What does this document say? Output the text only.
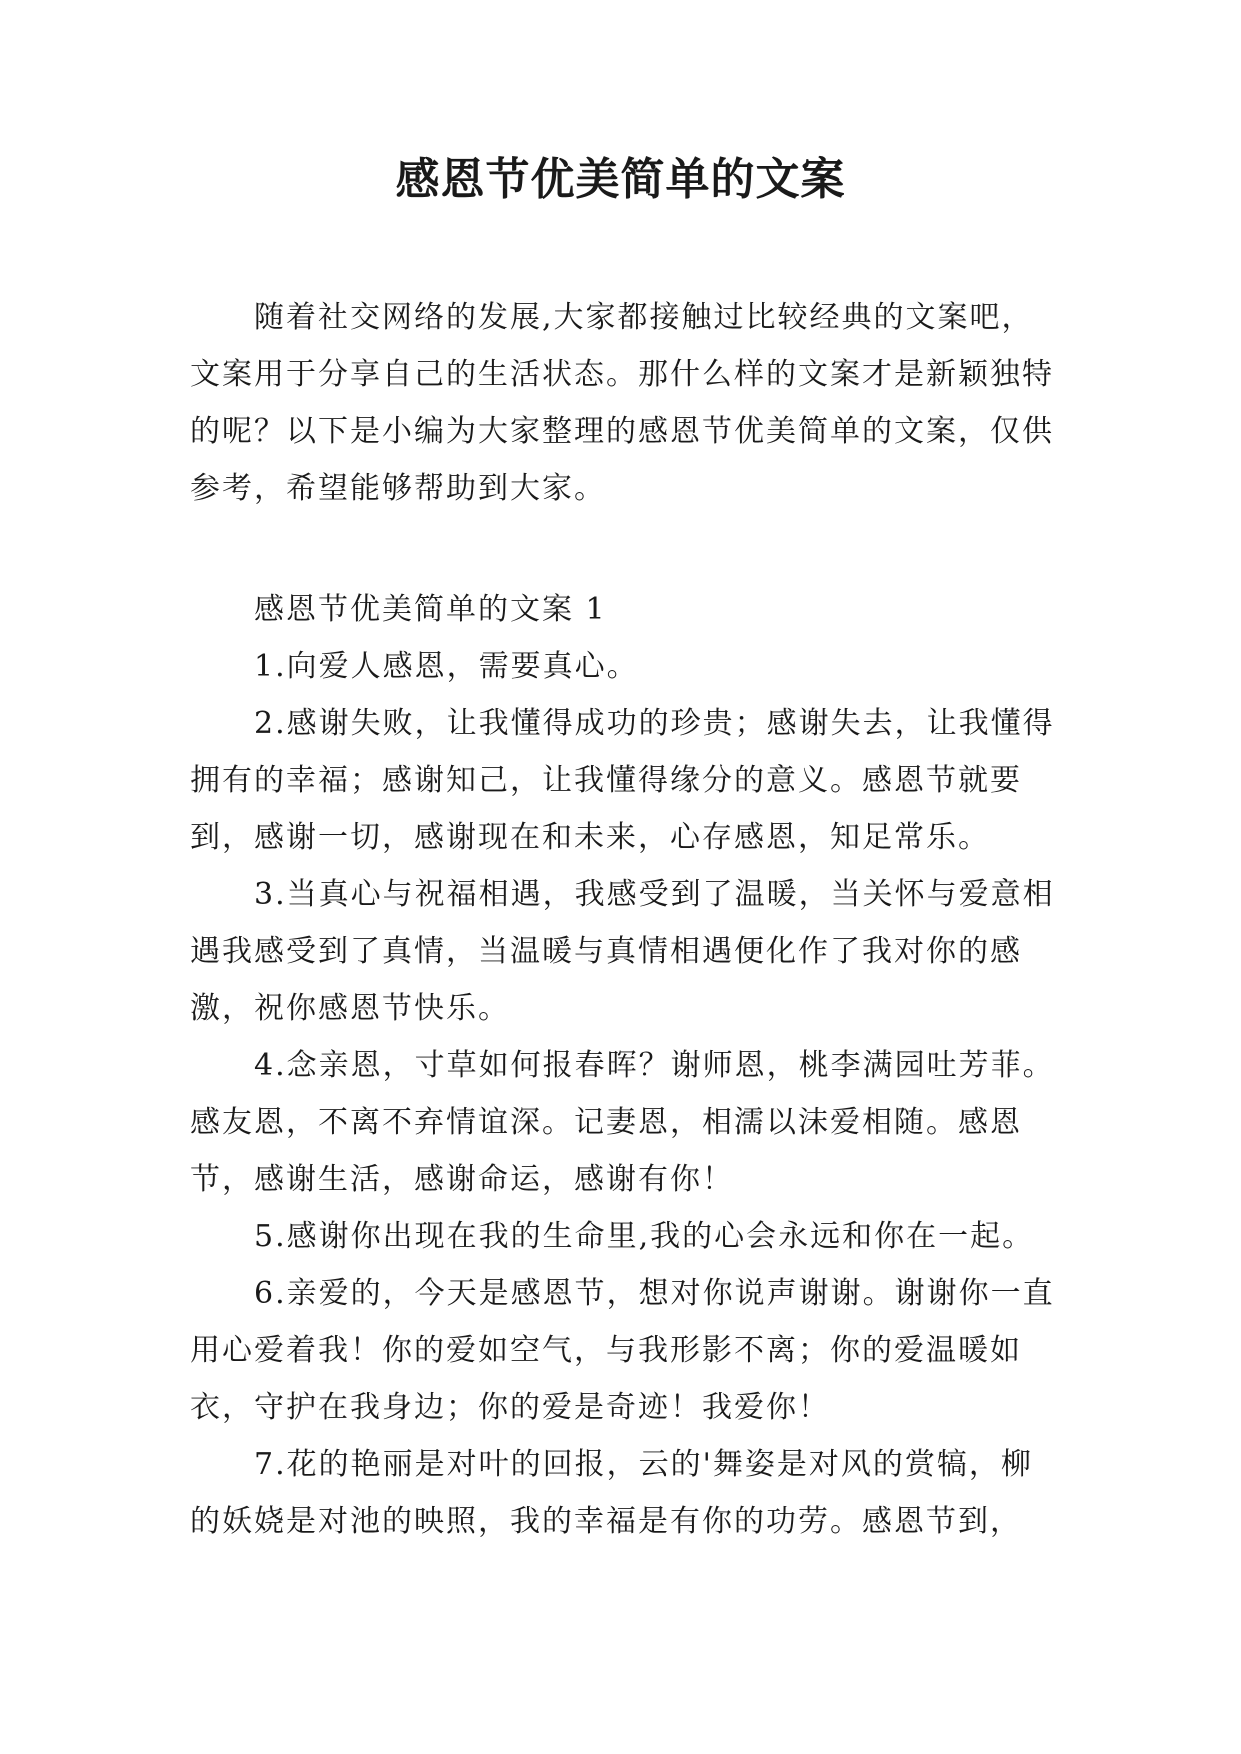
感恩节优美简单的文案

随着社交网络的发展,大家都接触过比较经典的文案吧，文案用于分享自己的生活状态。那什么样的文案才是新颖独特的呢？以下是小编为大家整理的感恩节优美简单的文案，仅供参考，希望能够帮助到大家。

感恩节优美简单的文案 1

1.向爱人感恩，需要真心。

2.感谢失败，让我懂得成功的珍贵；感谢失去，让我懂得拥有的幸福；感谢知己，让我懂得缘分的意义。感恩节就要到，感谢一切，感谢现在和未来，心存感恩，知足常乐。

3.当真心与祝福相遇，我感受到了温暖，当关怀与爱意相遇我感受到了真情，当温暖与真情相遇便化作了我对你的感激，祝你感恩节快乐。

4.念亲恩，寸草如何报春晖？谢师恩，桃李满园吐芳菲。感友恩，不离不弃情谊深。记妻恩，相濡以沫爱相随。感恩节，感谢生活，感谢命运，感谢有你！

5.感谢你出现在我的生命里,我的心会永远和你在一起。

6.亲爱的，今天是感恩节，想对你说声谢谢。谢谢你一直用心爱着我！你的爱如空气，与我形影不离；你的爱温暖如衣，守护在我身边；你的爱是奇迹！我爱你！

7.花的艳丽是对叶的回报，云的'舞姿是对风的赏犒，柳的妖娆是对池的映照，我的幸福是有你的功劳。感恩节到，
